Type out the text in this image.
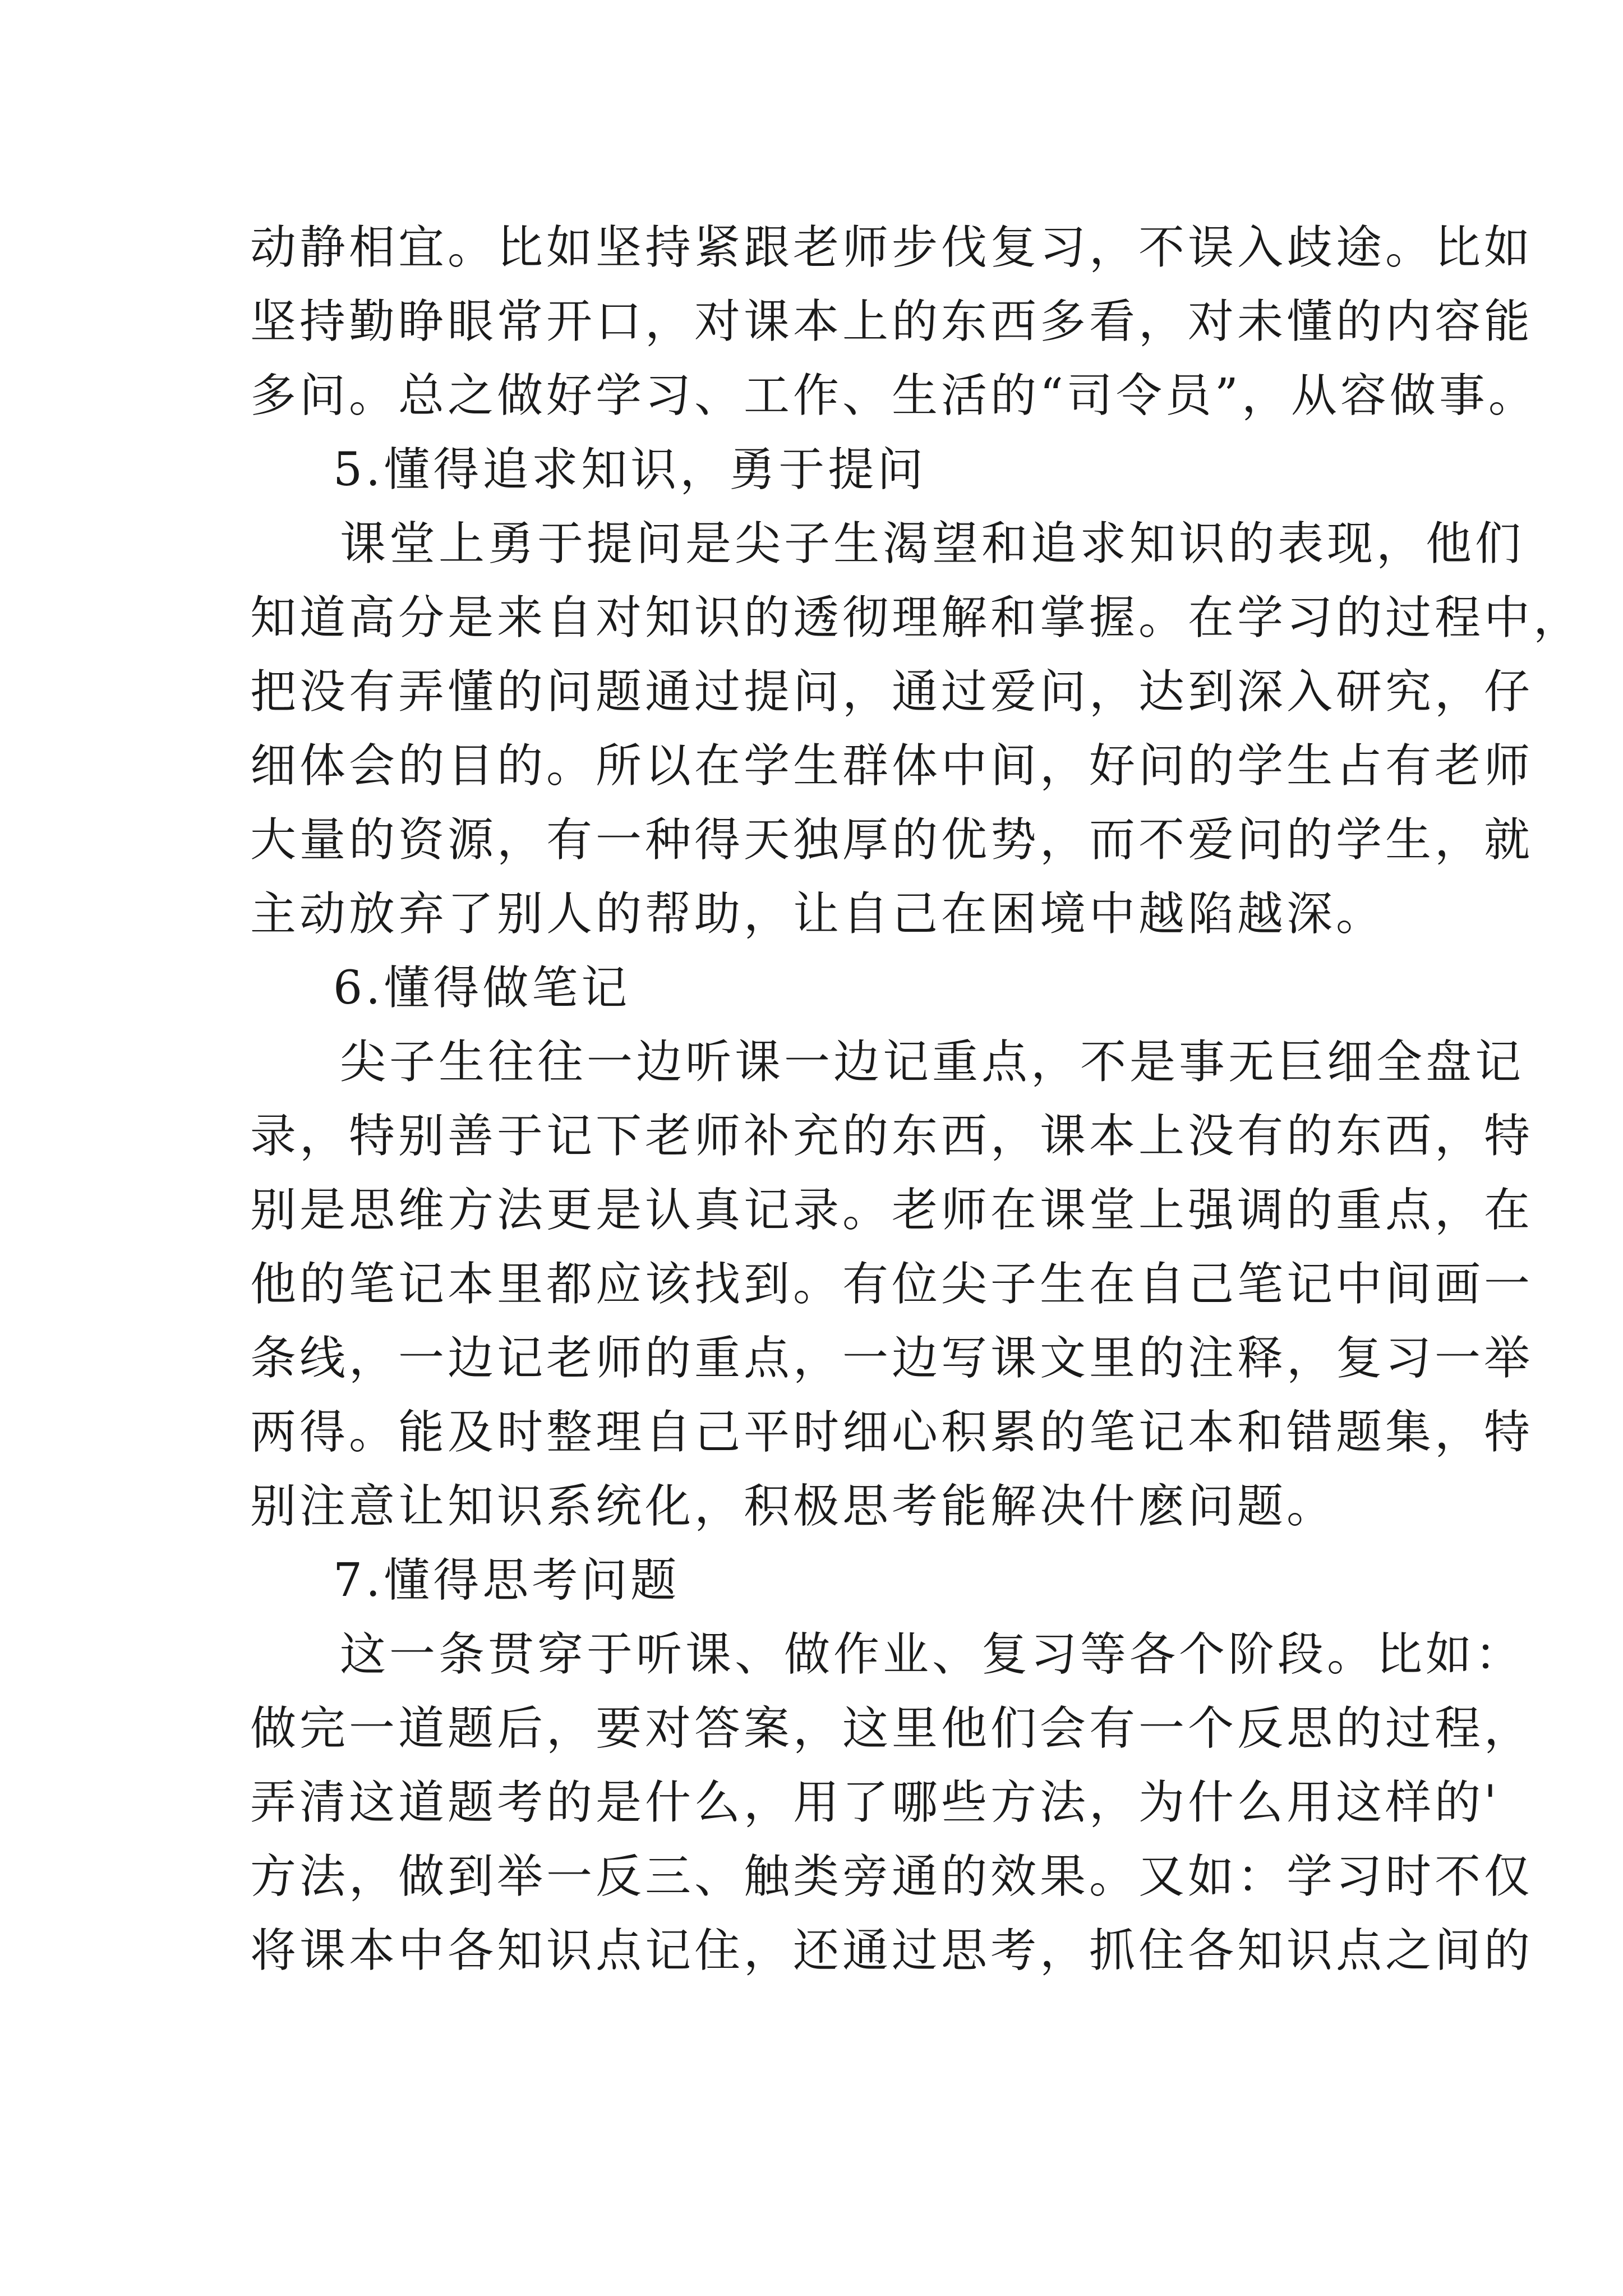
动静相宜。比如坚持紧跟老师步伐复习，不误入歧途。比如
坚持勤睁眼常开口，对课本上的东西多看，对未懂的内容能
多问。总之做好学习、工作、生活的“司令员”，从容做事。
5.懂得追求知识，勇于提问
课堂上勇于提问是尖子生渴望和追求知识的表现，他们
知道高分是来自对知识的透彻理解和掌握。在学习的过程中，
把没有弄懂的问题通过提问，通过爱问，达到深入研究，仔
细体会的目的。所以在学生群体中间，好问的学生占有老师
大量的资源，有一种得天独厚的优势，而不爱问的学生，就
主动放弃了别人的帮助，让自己在困境中越陷越深。
6.懂得做笔记
尖子生往往一边听课一边记重点，不是事无巨细全盘记
录，特别善于记下老师补充的东西，课本上没有的东西，特
别是思维方法更是认真记录。老师在课堂上强调的重点，在
他的笔记本里都应该找到。有位尖子生在自己笔记中间画一
条线，一边记老师的重点，一边写课文里的注释，复习一举
两得。能及时整理自己平时细心积累的笔记本和错题集，特
别注意让知识系统化，积极思考能解决什麽问题。
7.懂得思考问题
这一条贯穿于听课、做作业、复习等各个阶段。比如：
做完一道题后，要对答案，这里他们会有一个反思的过程，
弄清这道题考的是什么，用了哪些方法，为什么用这样的'
方法，做到举一反三、触类旁通的效果。又如：学习时不仅
将课本中各知识点记住，还通过思考，抓住各知识点之间的
